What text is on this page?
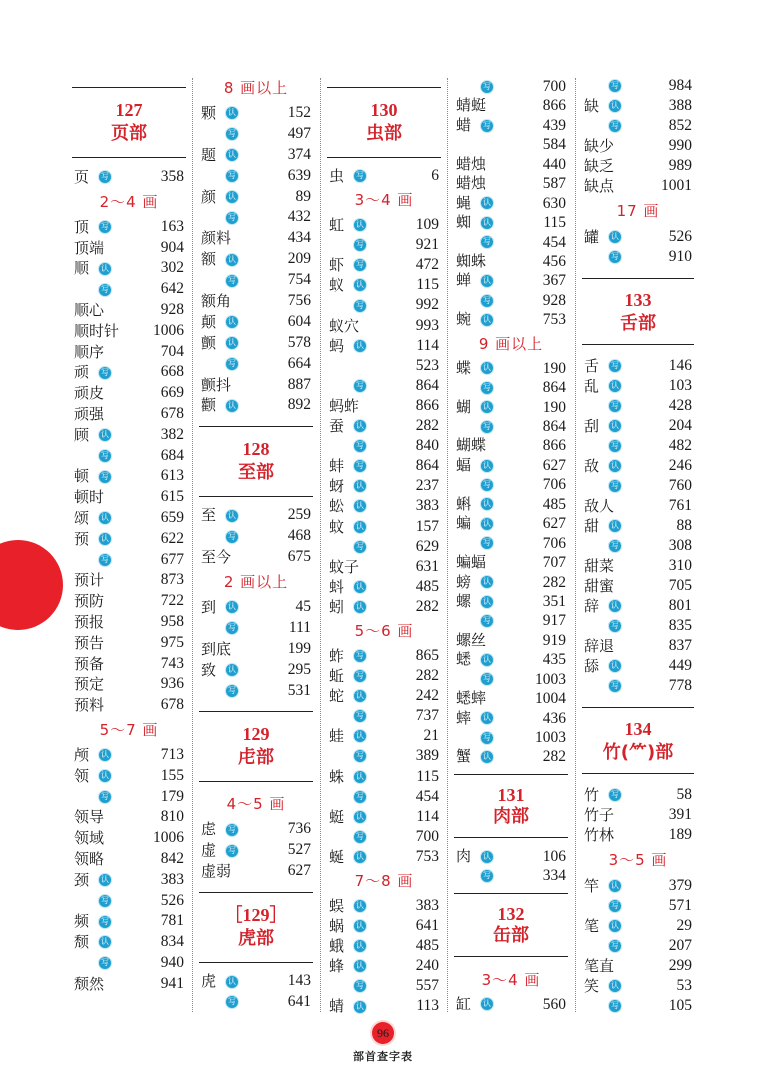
127
页部
页 写	358
2～4 画
顶 写	163
顶端	904
顺 认	302
写	642
顺心	928
顺时针 1006
顺序	704
顽 写	668
顽皮	669
顽强	678
顾 认	382
写	684
顿 写	613
顿时	615
颂 认	659
预 认	622
写	677
预计	873
预防	722
预报	958
预告	975
预备	743
预定	936
预料	678
5～7 画
颅 认	713
领 认	155
写	179
领导	810
领域	1006
领略	842
颈 认	383
写	526
频 写	781
颓 认	834
写	940
颓然	941
8 画以上
颗 认	152
写	497
题 认	374
写	639
颜 认	89
写	432
颜料	434
额 认	209
写	754
额角	756
颠 认	604
颤 认	578
写	664
颤抖	887
颧 认	892
128
至部
至 认	259
写	468
至今	675
2 画以上
到 认	45
写	111
到底	199
致 认	295
写	531
129
虍部
4～5 画
虑 写	736
虚 写	527
虚弱	627
［129］
虎部
虎 认	143
写	641
130
虫部
虫 写	6
3～4 画
虹 认	109
写	921
虾 写	472
蚁 认	115
写	992
蚁穴	993
蚂 认	114
523
写	864
蚂蚱	866
蚕 认	282
写	840
蚌 写	864
蚜 认	237
蚣 认	383
蚊 认	157
写	629
蚊子	631
蚪 认	485
蚓 认	282
5～6 画
蚱 写	865
蚯 写	282
蛇 认	242
写	737
蛙 认	21
写	389
蛛 认	115
写	454
蜓 认	114
写	700
蜒 认	753
7～8 画
蜈 认	383
蜗 认	641
蛾 认	485
蜂 认	240
写	557
蜻 认	113
写	700
蜻蜓	866
蜡 写	439
584
蜡烛	440
蜡烛	587
蝇 认	630
蜘 认	115
写	454
蜘蛛	456
蝉 认	367
写	928
蜿 认	753
9 画以上
蝶 认	190
写	864
蝴 认	190
写	864
蝴蝶	866
蝠 认	627
写	706
蝌 认	485
蝙 认	627
写	706
蝙蝠	707
螃 认	282
螺 认	351
写	917
螺丝	919
蟋 认	435
写	1003
蟋蟀	1004
蟀 认	436
写	1003
蟹 认	282
131
肉部
肉 认	106
写	334
132
缶部
3～4 画
缸 认	560
写	984
缺 认	388
写	852
缺少	990
缺乏	989
缺点	1001
17 画
罐 认	526
写	910
133
舌部
舌 写	146
乱 认	103
写	428
刮 认	204
写	482
敌 认	246
写	760
敌人	761
甜 认	88
写	308
甜菜	310
甜蜜	705
辞 认	801
写	835
辞退	837
舔 认	449
写	778
134
竹(⺮)部
竹 写	58
竹子	391
竹林	189
3～5 画
竿 认	379
写	571
笔 认	29
写	207
笔直	299
笑 认	53
写	105
96
部首查字表
